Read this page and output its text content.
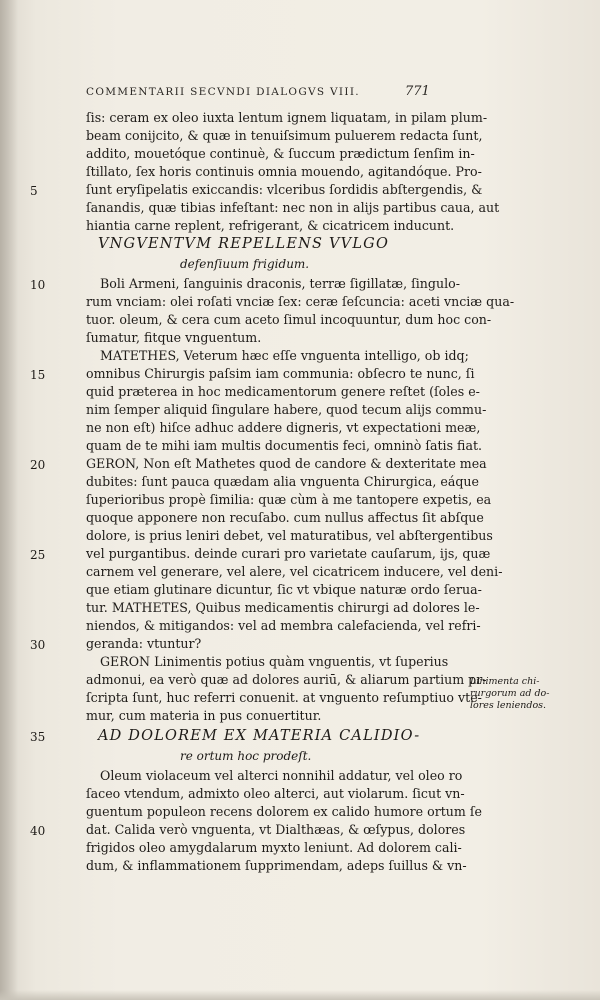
COMMENTARII SECVNDI DIALOGVS VIII.	771
ſis: ceram ex oleo iuxta lentum ignem liquatam, in pilam plum-
beam conijcito, & quæ in tenuiſsimum puluerem redacta ſunt,
addito, mouetóque continuè, & ſuccum prædictum ſenſim in-
ſtillato, ſex horis continuis omnia mouendo, agitandóque. Pro-
ſunt eryſipelatis exiccandis: vlceribus ſordidis abſtergendis, &
ſanandis, quæ tibias infeſtant: nec non in alijs partibus caua, aut
hiantia carne replent, refrigerant, & cicatricem inducunt.
VNGVENTVM REPELLENS VVLGO
defenſiuum frigidum.
Boli Armeni, ſanguinis draconis, terræ ſigillatæ, ſingulo-
rum vnciam: olei roſati vnciæ ſex: ceræ ſeſcuncia: aceti vnciæ qua-
tuor. oleum, & cera cum aceto ſimul incoquuntur, dum hoc con-
ſumatur, fitque vnguentum.
MATETHES, Veterum hæc eſſe vnguenta intelligo, ob idq;
omnibus Chirurgis paſsim iam communia: obſecro te nunc, ſi
quid præterea in hoc medicamentorum genere reſtet (ſoles e-
nim ſemper aliquid ſingulare habere, quod tecum alijs commu-
ne non eſt) hiſce adhuc addere digneris, vt expectationi meæ,
quam de te mihi iam multis documentis feci, omninò ſatis fiat.
GERON, Non eſt Mathetes quod de candore & dexteritate mea
dubites: ſunt pauca quædam alia vnguenta Chirurgica, eáque
ſuperioribus propè ſimilia: quæ cùm à me tantopere expetis, ea
quoque apponere non recuſabo. cum nullus affectus ſit abſque
dolore, is prius leniri debet, vel maturatibus, vel abſtergentibus
vel purgantibus. deinde curari pro varietate cauſarum, ijs, quæ
carnem vel generare, vel alere, vel cicatricem inducere, vel deni-
que etiam glutinare dicuntur, ſic vt vbique naturæ ordo ſerua-
tur. MATHETES, Quibus medicamentis chirurgi ad dolores le-
niendos, & mitigandos: vel ad membra calefacienda, vel refri-
geranda: vtuntur?
GERON Linimentis potius quàm vnguentis, vt ſuperius
admonui, ea verò quæ ad dolores auriū, & aliarum partium pr-
ſcripta ſunt, huc referri conuenit. at vnguento reſumptiuo vte-
mur, cum materia in pus conuertitur.
AD DOLOREM EX MATERIA CALIDIO-
re ortum hoc prodeſt.
Oleum violaceum vel alterci nonnihil addatur, vel oleo ro
ſaceo vtendum, admixto oleo alterci, aut violarum. ſicut vn-
guentum populeon recens dolorem ex calido humore ortum ſe
dat. Calida verò vnguenta, vt Dialthæas, & œſypus, dolores
frigidos oleo amygdalarum myxto leniunt. Ad dolorem cali-
dum, & inflammationem ſupprimendam, adeps ſuillus & vn-
5
10
15
20
25
30
35
40
Linimenta chi-
rurgorum ad do-
lores leniendos.
